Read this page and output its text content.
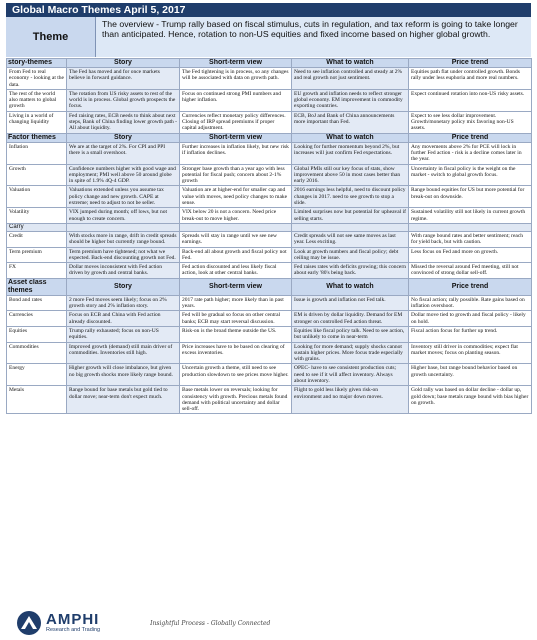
Global Macro Themes April 5, 2017
Theme
The overview - Trump rally based on fiscal stimulus, cuts in regulation, and tax reform is going to take longer than anticipated. Hence, rotation to non-US equities and fixed income based on higher global growth.
story-themes	Story	Short-term view	What to watch	Price trend
From Fed to real economy - looking at the data.	The Fed has moved and for once markets believe in forward guidance.	The Fed tightening is in process, so any changes will be associated with data on growth path.	Need to see inflation controlled and steady at 2% and real growth not just sentiment.	Equities path flat under controlled growth. Bonds rally under less euphoria and more real numbers.
The rest of the world also matters to global growth	The rotation from US risky assets to rest of the world is in process. Global growth prospects the focus.	Focus on continued strong PMI numbers and higher inflation.	EU growth and inflation needs to reflect stronger global economy. EM improvement in commodity exporting countries.	Expect continued rotation into non-US risky assets.
Living in a world of changing liquidity	Fed raising rates, ECB needs to think about next steps, Bank of China finding lower growth path - All about liquidity.	Currencies reflect monetary policy differences. Closing of IRP spread premiums if proper capital adjustment.	ECB, BoJ and Bank of China announcements more important than Fed.	Expect to see less dollar improvement. Growth/monetary policy mix favoring non-US assets.
Factor themes	Story	Short-term view	What to watch	Price trend
Inflation	We are at the target of 2%. For CPI and PPI there is a small overshoot.	Further increases in inflation likely, but new risk if inflation declines.	Looking for further momentum beyond 2%, but increases will just confirm Fed expectations.	Any movements above 2% for PCE will lock in further Fed action - risk is a decline comes later in the year.
Growth	Confidence numbers higher with good wage and employment; PMI well above 50 around globe in spite of 1.9% 4Q-4 GDP.	Stronger base growth than a year ago with less potential for fiscal push; concern about 2-1% growth	Global PMIs still our key focus of stats, show improvement above 50 in most cases better than early 2016.	Uncertainty in fiscal policy is the weight on the market - switch to global growth focus.
Valuation	Valuations extended unless you assume tax policy change and new growth. CAPE at extreme; need to adjust to not be seller.	Valuation are at higher-end for smaller cap and value with moves, need policy changes to make sense.	2016 earnings less helpful, need to discount policy changes in 2017. need to see growth to stop a slide.	Range bound equities for US but more potential for break-out on downside.
Volatility	VIX jumped during month; off lows, but not enough to create concern.	VIX below 20 is not a concern. Need price break-out to move higher.	Limited surprises now but potential for upheaval if selling starts.	Sustained volatility still not likely in current growth regime.
Carry				
Credit	With stocks more in range, drift in credit spreads should be higher but currently range bound.	Spreads will stay in range until we see new earnings.	Credit spreads will not see same moves as last year. Less exciting.	With range bound rates and better sentiment; reach for yield back, but with caution.
Term premium	Term premium have tightened; not what we expected. Back-end discounting growth not Fed.	Back-end all about growth and fiscal policy not Fed.	Look at growth numbers and fiscal policy; debt ceiling may be issue.	Less focus on Fed and more on growth.
FX	Dollar moves inconsistent with Fed action driven by growth and central banks.	Fed action discounted and less likely fiscal action, look at other central banks.	Fed raises rates with deficits growing; this concern about early '80's being back.	Missed the reversal around Fed meeting, still not convinced of strong dollar sell-off.
Asset class themes	Story	Short-term view	What to watch	Price trend
Bond and rates	2 more Fed moves seem likely; focus on 2% growth story and 2% inflation story.	2017 rate path higher; more likely than in past years.	Issue is growth and inflation not Fed talk.	No fiscal action; rally possible. Rate gains based on inflation overshoot.
Currencies	Focus on ECB and China with Fed action already discounted.	Fed will be gradual so focus on other central banks; ECB may start reversal discussion.	EM is driven by dollar liquidity. Demand for EM stronger on controlled Fed action threat.	Dollar move tied to growth and fiscal policy - likely on hold.
Equities	Trump rally exhausted; focus on non-US equities.	Risk-on is the broad theme outside the US.	Equities like fiscal policy talk. Need to see action, but unlikely to come in near-term	Fiscal action focus for further up trend.
Commodities	Improved growth (demand) still main driver of commodities. Inventories still high.	Price increases have to be based on clearing of excess inventories.	Looking for more demand; supply shocks cannot sustain higher prices. More focus trade especially with grains.	Inventory still driver in commodities; expect flat market moves; focus on planting season.
Energy	Higher growth will close imbalance, but given no big growth shocks more likely range bound.	Uncertain growth a theme, still need to see production slowdown to see prices move higher.	OPEC- have to see consistent production cuts; need to see if it will affect inventory. Always about inventory.	Higher base, but range bound behavior based on growth uncertainty.
Metals	Range bound for base metals but gold tied to dollar move; near-term don't expect much.	Base metals lower on reversals; looking for consistency with growth. Precious metals found demand with political uncertainty and dollar sell-off.	Flight to gold less likely given risk-on environment and no major down moves.	Gold rally was based on dollar decline - dollar up, gold down; base metals range bound with bias higher on growth.
AMPHI
Research and Trading
Insightful Process - Globally Connected
